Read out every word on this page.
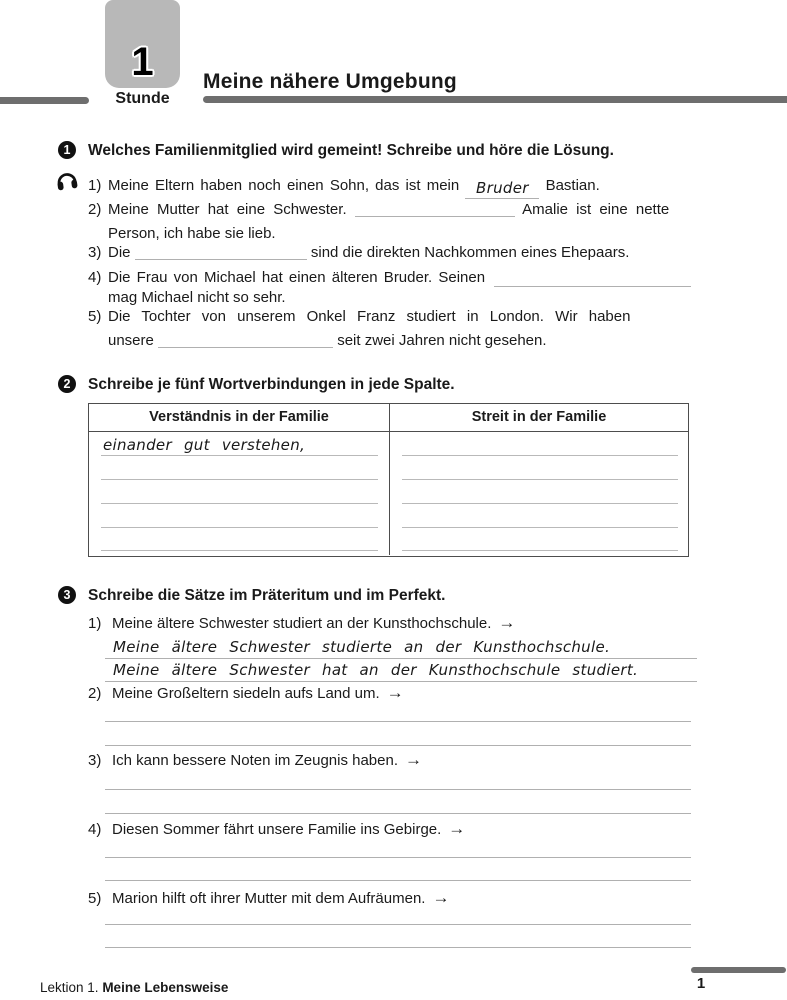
1
Stunde
Meine nähere Umgebung
1	Welches Familienmitglied wird gemeint! Schreibe und höre die Lösung.
1) Meine Eltern haben noch einen Sohn, das ist mein Bruder Bastian.
2) Meine Mutter hat eine Schwester.	Amalie ist eine nette
Person, ich habe sie lieb.
3) Die	sind die direkten Nachkommen eines Ehepaars.
4) Die Frau von Michael hat einen älteren Bruder. Seinen
mag Michael nicht so sehr.
5) Die Tochter von unserem Onkel Franz studiert in London. Wir haben
unsere	seit zwei Jahren nicht gesehen.
2	Schreibe je fünf Wortverbindungen in jede Spalte.
Verständnis in der Familie	Streit in der Familie
einander gut verstehen,
3	Schreibe die Sätze im Präteritum und im Perfekt.
1) Meine ältere Schwester studiert an der Kunsthochschule. →
Meine ältere Schwester studierte an der Kunsthochschule.
Meine ältere Schwester hat an der Kunsthochschule studiert.
2) Meine Großeltern siedeln aufs Land um. →
3) Ich kann bessere Noten im Zeugnis haben. →
4) Diesen Sommer fährt unsere Familie ins Gebirge. →
5) Marion hilft oft ihrer Mutter mit dem Aufräumen. →
Lektion 1. Meine Lebensweise	1
